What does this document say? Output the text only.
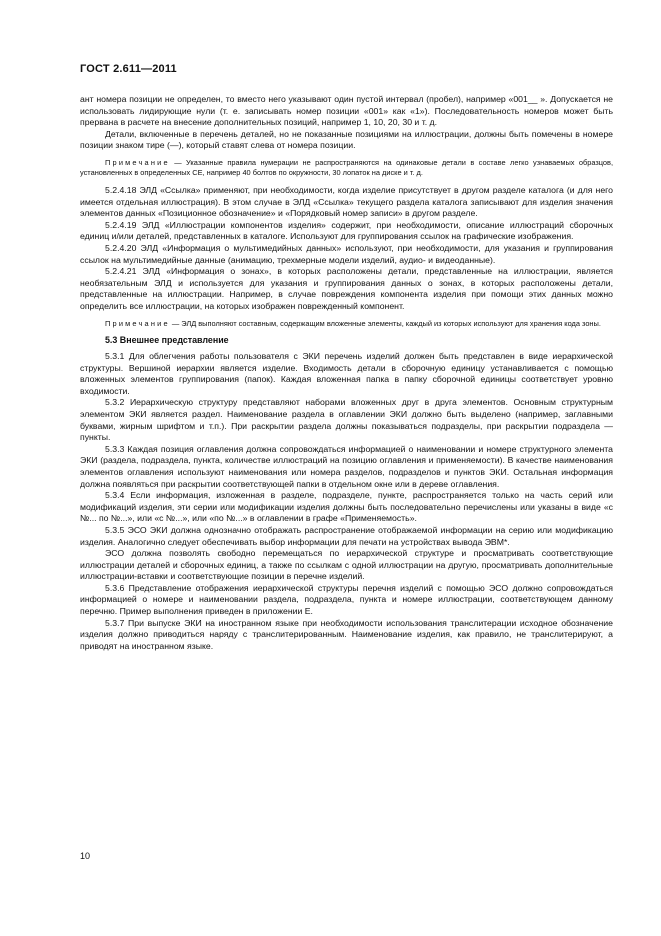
ГОСТ 2.611—2011

ант номера позиции не определен, то вместо него указывают один пустой интервал (пробел), например «001__ ». Допускается не использовать лидирующие нули (т. е. записывать номер позиции «001» как «1»). Последовательность номеров может быть прервана в расчете на внесение дополнительных позиций, например 1, 10, 20, 30 и т. д.

Детали, включенные в перечень деталей, но не показанные позициями на иллюстрации, должны быть помечены в номере позиции знаком тире (—), который ставят слева от номера позиции.

Примечание — Указанные правила нумерации не распространяются на одинаковые детали в составе легко узнаваемых образцов, установленных в определенных СЕ, например 40 болтов по окружности, 30 лопаток на диске и т. д.

5.2.4.18 ЭЛД «Ссылка» применяют, при необходимости, когда изделие присутствует в другом разделе каталога (и для него имеется отдельная иллюстрация). В этом случае в ЭЛД «Ссылка» текущего раздела каталога записывают для изделия значения элементов данных «Позиционное обозначение» и «Порядковый номер записи» в другом разделе.

5.2.4.19 ЭЛД «Иллюстрации компонентов изделия» содержит, при необходимости, описание иллюстраций сборочных единиц и/или деталей, представленных в каталоге. Используют для группирования ссылок на графические изображения.

5.2.4.20 ЭЛД «Информация о мультимедийных данных» используют, при необходимости, для указания и группирования ссылок на мультимедийные данные (анимацию, трехмерные модели изделий, аудио- и видеоданные).

5.2.4.21 ЭЛД «Информация о зонах», в которых расположены детали, представленные на иллюстрации, является необязательным ЭЛД и используется для указания и группирования данных о зонах, в которых расположены детали, представленные на иллюстрации. Например, в случае повреждения компонента изделия при помощи этих данных можно определить все иллюстрации, на которых изображен поврежденный компонент.

Примечание — ЭЛД выполняют составным, содержащим вложенные элементы, каждый из которых используют для хранения кода зоны.

5.3 Внешнее представление

5.3.1 Для облегчения работы пользователя с ЭКИ перечень изделий должен быть представлен в виде иерархической структуры. Вершиной иерархии является изделие. Входимость детали в сборочную единицу устанавливается с помощью вложенных элементов группирования (папок). Каждая вложенная папка в папку сборочной единицы соответствует уровню входимости.

5.3.2 Иерархическую структуру представляют наборами вложенных друг в друга элементов. Основным структурным элементом ЭКИ является раздел. Наименование раздела в оглавлении ЭКИ должно быть выделено (например, заглавными буквами, жирным шрифтом и т.п.). При раскрытии раздела должны показываться подразделы, при раскрытии подраздела — пункты.

5.3.3 Каждая позиция оглавления должна сопровождаться информацией о наименовании и номере структурного элемента ЭКИ (раздела, подраздела, пункта, количестве иллюстраций на позицию оглавления и применяемости). В качестве наименования элементов оглавления используют наименования или номера разделов, подразделов и пунктов ЭКИ. Остальная информация должна появляться при раскрытии соответствующей папки в отдельном окне или в дереве оглавления.

5.3.4 Если информация, изложенная в разделе, подразделе, пункте, распространяется только на часть серий или модификаций изделия, эти серии или модификации изделия должны быть последовательно перечислены или указаны в виде «с №... по №...», или «с №...», или «по №...» в оглавлении в графе «Применяемость».

5.3.5 ЭСО ЭКИ должна однозначно отображать распространение отображаемой информации на серию или модификацию изделия. Аналогично следует обеспечивать выбор информации для печати на устройствах вывода ЭВМ*.

ЭСО должна позволять свободно перемещаться по иерархической структуре и просматривать соответствующие иллюстрации деталей и сборочных единиц, а также по ссылкам с одной иллюстрации на другую, просматривать дополнительные иллюстрации-вставки и соответствующие позиции в перечне изделий.

5.3.6 Представление отображения иерархической структуры перечня изделий с помощью ЭСО должно сопровождаться информацией о номере и наименовании раздела, подраздела, пункта и номере иллюстрации, соответствующем данному перечню. Пример выполнения приведен в приложении Е.

5.3.7 При выпуске ЭКИ на иностранном языке при необходимости использования транслитерации исходное обозначение изделия должно приводиться наряду с транслитерированным. Наименование изделия, как правило, не транслитерируют, а приводят на иностранном языке.

10
